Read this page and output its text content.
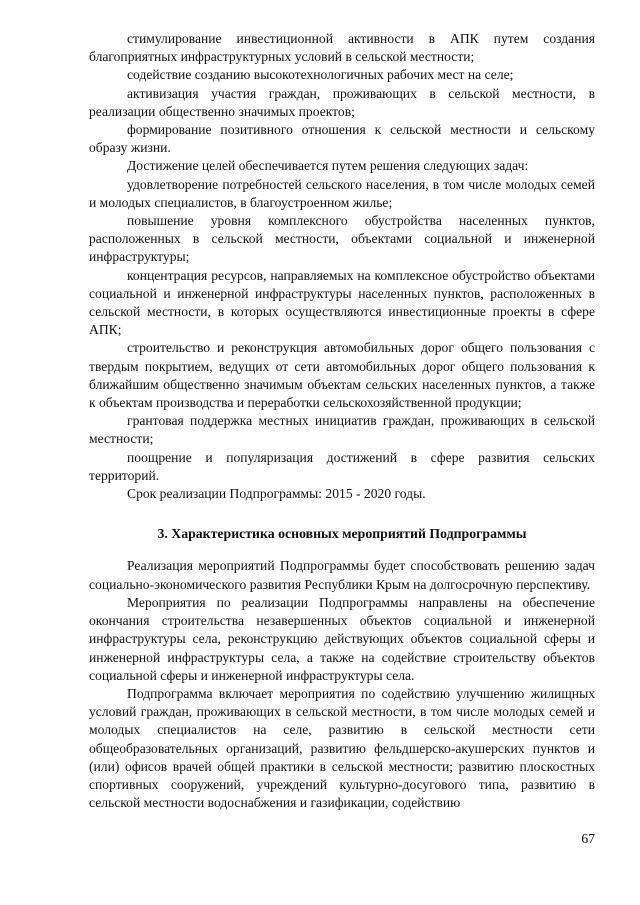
стимулирование инвестиционной активности в АПК путем создания благоприятных инфраструктурных условий в сельской местности;

содействие созданию высокотехнологичных рабочих мест на селе;

активизация участия граждан, проживающих в сельской местности, в реализации общественно значимых проектов;

формирование позитивного отношения к сельской местности и сельскому образу жизни.

Достижение целей обеспечивается путем решения следующих задач:

удовлетворение потребностей сельского населения, в том числе молодых семей и молодых специалистов, в благоустроенном жилье;

повышение уровня комплексного обустройства населенных пунктов, расположенных в сельской местности, объектами социальной и инженерной инфраструктуры;

концентрация ресурсов, направляемых на комплексное обустройство объектами социальной и инженерной инфраструктуры населенных пунктов, расположенных в сельской местности, в которых осуществляются инвестиционные проекты в сфере АПК;

строительство и реконструкция автомобильных дорог общего пользования с твердым покрытием, ведущих от сети автомобильных дорог общего пользования к ближайшим общественно значимым объектам сельских населенных пунктов, а также к объектам производства и переработки сельскохозяйственной продукции;

грантовая поддержка местных инициатив граждан, проживающих в сельской местности;

поощрение и популяризация достижений в сфере развития сельских территорий.

Срок реализации Подпрограммы: 2015 - 2020 годы.

3. Характеристика основных мероприятий Подпрограммы

Реализация мероприятий Подпрограммы будет способствовать решению задач социально-экономического развития Республики Крым на долгосрочную перспективу.

Мероприятия по реализации Подпрограммы направлены на обеспечение окончания строительства незавершенных объектов социальной и инженерной инфраструктуры села, реконструкцию действующих объектов социальной сферы и инженерной инфраструктуры села, а также на содействие строительству объектов социальной сферы и инженерной инфраструктуры села.

Подпрограмма включает мероприятия по содействию улучшению жилищных условий граждан, проживающих в сельской местности, в том числе молодых семей и молодых специалистов на селе, развитию в сельской местности сети общеобразовательных организаций, развитию фельдшерско-акушерских пунктов и (или) офисов врачей общей практики в сельской местности; развитию плоскостных спортивных сооружений, учреждений культурно-досугового типа, развитию в сельской местности водоснабжения и газификации, содействию

67
